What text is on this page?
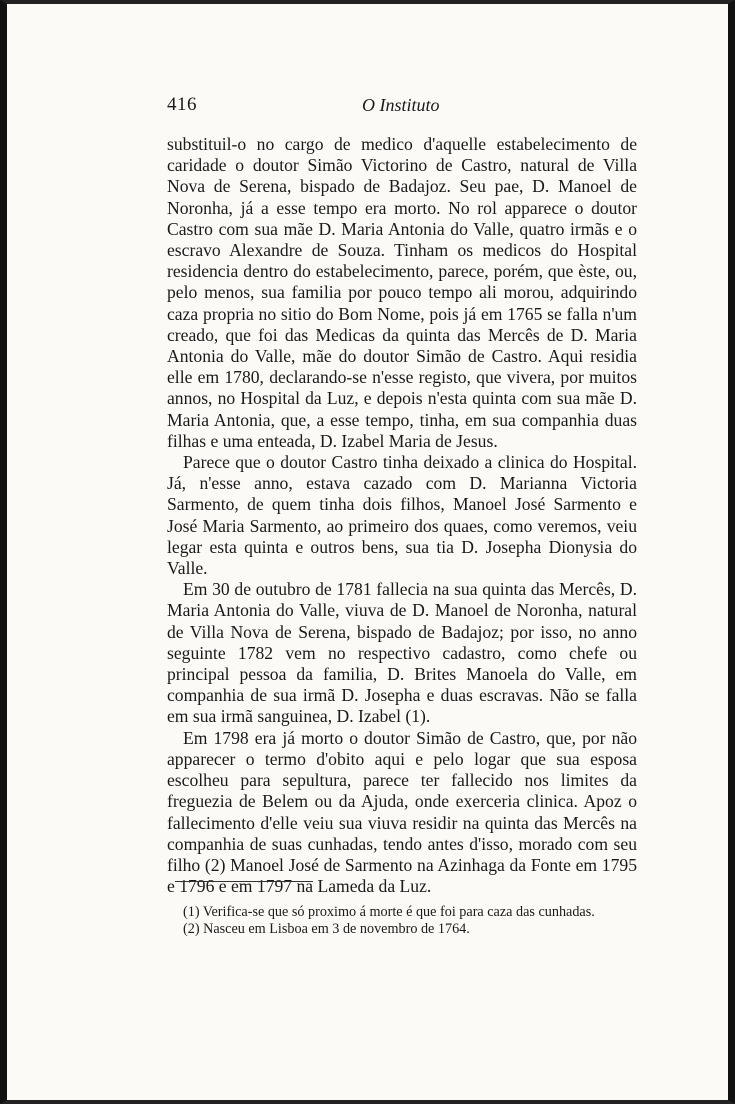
416	O Instituto

substituil-o no cargo de medico d'aquelle estabelecimento de caridade o doutor Simão Victorino de Castro, natural de Villa Nova de Serena, bispado de Badajoz. Seu pae, D. Manoel de Noronha, já a esse tempo era morto. No rol apparece o doutor Castro com sua mãe D. Maria Antonia do Valle, quatro irmãs e o escravo Alexandre de Souza. Tinham os medicos do Hospital residencia dentro do estabelecimento, parece, porém, que èste, ou, pelo menos, sua familia por pouco tempo ali morou, adquirindo caza propria no sitio do Bom Nome, pois já em 1765 se falla n'um creado, que foi das Medicas da quinta das Mercês de D. Maria Antonia do Valle, mãe do doutor Simão de Castro. Aqui residia elle em 1780, declarando-se n'esse registo, que vivera, por muitos annos, no Hospital da Luz, e depois n'esta quinta com sua mãe D. Maria Antonia, que, a esse tempo, tinha, em sua companhia duas filhas e uma enteada, D. Izabel Maria de Jesus.

Parece que o doutor Castro tinha deixado a clinica do Hospital. Já, n'esse anno, estava cazado com D. Marianna Victoria Sarmento, de quem tinha dois filhos, Manoel José Sarmento e José Maria Sarmento, ao primeiro dos quaes, como veremos, veiu legar esta quinta e outros bens, sua tia D. Josepha Dionysia do Valle.

Em 30 de outubro de 1781 fallecia na sua quinta das Mercês, D. Maria Antonia do Valle, viuva de D. Manoel de Noronha, natural de Villa Nova de Serena, bispado de Badajoz; por isso, no anno seguinte 1782 vem no respectivo cadastro, como chefe ou principal pessoa da familia, D. Brites Manoela do Valle, em companhia de sua irmã D. Josepha e duas escravas. Não se falla em sua irmã sanguinea, D. Izabel (1).

Em 1798 era já morto o doutor Simão de Castro, que, por não apparecer o termo d'obito aqui e pelo logar que sua esposa escolheu para sepultura, parece ter fallecido nos limites da freguezia de Belem ou da Ajuda, onde exerceria clinica. Apoz o fallecimento d'elle veiu sua viuva residir na quinta das Mercês na companhia de suas cunhadas, tendo antes d'isso, morado com seu filho (2) Manoel José de Sarmento na Azinhaga da Fonte em 1795 e 1796 e em 1797 na Lameda da Luz.

(1) Verifica-se que só proximo á morte é que foi para caza das cunhadas.

(2) Nasceu em Lisboa em 3 de novembro de 1764.
